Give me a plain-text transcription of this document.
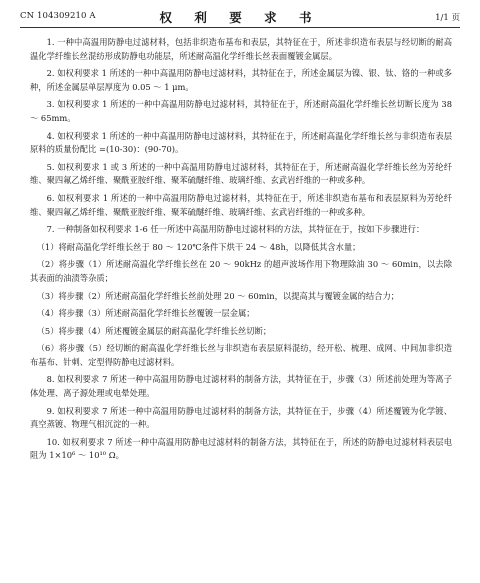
CN 104309210 A	权 利 要 求 书	1/1 页

1. 一种中高温用防静电过滤材料，包括非织造布基布和表层，其特征在于，所述非织造布表层与经切断的耐高温化学纤维长丝混纺形成防静电功能层，所述耐高温化学纤维长丝表面覆镀金属层。

2. 如权利要求 1 所述的一种中高温用防静电过滤材料，其特征在于，所述金属层为镍、银、钛、铬的一种或多种，所述金属层单层厚度为 0.05 ～ 1 μm。

3. 如权利要求 1 所述的一种中高温用防静电过滤材料，其特征在于，所述耐高温化学纤维长丝切断长度为 38 ～ 65mm。

4. 如权利要求 1 所述的一种中高温用防静电过滤材料，其特征在于，所述耐高温化学纤维长丝与非织造布表层原料的质量份配比 =(10-30)：(90-70)。

5. 如权利要求 1 或 3 所述的一种中高温用防静电过滤材料，其特征在于，所述耐高温化学纤维长丝为芳纶纤维、聚四氟乙烯纤维、聚酰亚胺纤维、聚苯硫醚纤维、玻璃纤维、玄武岩纤维的一种或多种。

6. 如权利要求 1 所述的一种中高温用防静电过滤材料，其特征在于，所述非织造布基布和表层原料为芳纶纤维、聚四氟乙烯纤维、聚酰亚胺纤维、聚苯硫醚纤维、玻璃纤维、玄武岩纤维的一种或多种。

7. 一种制备如权利要求 1-6 任一所述中高温用防静电过滤材料的方法，其特征在于，按如下步骤进行：

（1）将耐高温化学纤维长丝于 80 ～ 120℃条件下烘干 24 ～ 48h，以降低其含水量；

（2）将步骤（1）所述耐高温化学纤维长丝在 20 ～ 90kHz 的超声波场作用下物理除油 30 ～ 60min，以去除其表面的油渍等杂质；

（3）将步骤（2）所述耐高温化学纤维长丝前处理 20 ～ 60min，以提高其与覆镀金属的结合力；

（4）将步骤（3）所述耐高温化学纤维长丝覆镀一层金属；

（5）将步骤（4）所述覆镀金属层的耐高温化学纤维长丝切断；

（6）将步骤（5）经切断的耐高温化学纤维长丝与非织造布表层原料混纺，经开松、梳理、成网、中间加非织造布基布、针刺、定型得防静电过滤材料。

8. 如权利要求 7 所述一种中高温用防静电过滤材料的制备方法，其特征在于，步骤（3）所述前处理为等离子体处理、离子源处理或电晕处理。

9. 如权利要求 7 所述一种中高温用防静电过滤材料的制备方法，其特征在于，步骤（4）所述覆镀为化学镀、真空蒸镀、物理气相沉淀的一种。

10. 如权利要求 7 所述一种中高温用防静电过滤材料的制备方法，其特征在于，所述的防静电过滤材料表层电阻为 1×10⁶ ～ 10¹⁰ Ω。
